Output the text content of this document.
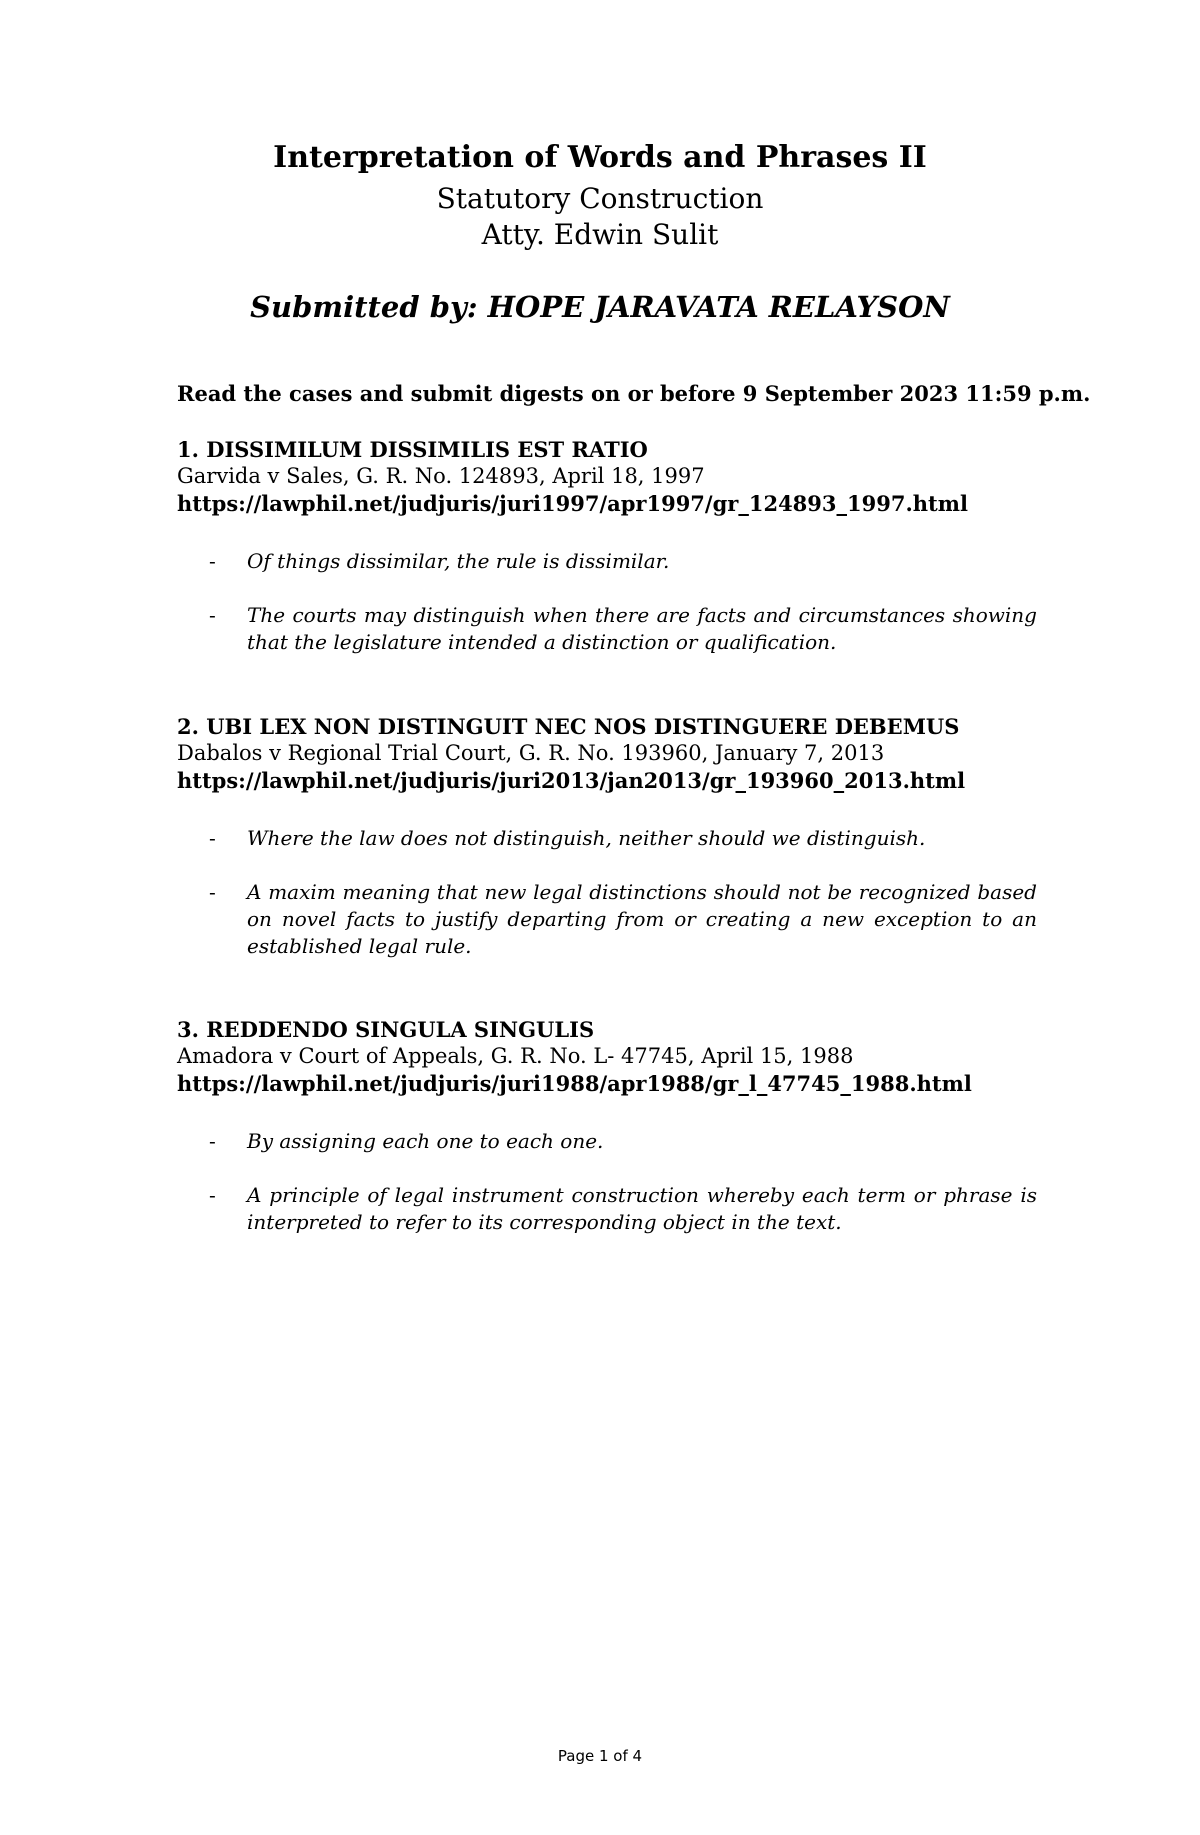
Interpretation of Words and Phrases II
Statutory Construction
Atty. Edwin Sulit
Submitted by: HOPE JARAVATA RELAYSON
Read the cases and submit digests on or before 9 September 2023 11:59 p.m.
1. DISSIMILUM DISSIMILIS EST RATIO
Garvida v Sales, G. R. No. 124893, April 18, 1997
https://lawphil.net/judjuris/juri1997/apr1997/gr_124893_1997.html
- Of things dissimilar, the rule is dissimilar.
- The courts may distinguish when there are facts and circumstances showing that the legislature intended a distinction or qualification.
2. UBI LEX NON DISTINGUIT NEC NOS DISTINGUERE DEBEMUS
Dabalos v Regional Trial Court, G. R. No. 193960, January 7, 2013
https://lawphil.net/judjuris/juri2013/jan2013/gr_193960_2013.html
- Where the law does not distinguish, neither should we distinguish.
- A maxim meaning that new legal distinctions should not be recognized based on novel facts to justify departing from or creating a new exception to an established legal rule.
3. REDDENDO SINGULA SINGULIS
Amadora v Court of Appeals, G. R. No. L- 47745, April 15, 1988
https://lawphil.net/judjuris/juri1988/apr1988/gr_l_47745_1988.html
- By assigning each one to each one.
- A principle of legal instrument construction whereby each term or phrase is interpreted to refer to its corresponding object in the text.
Page 1 of 4
